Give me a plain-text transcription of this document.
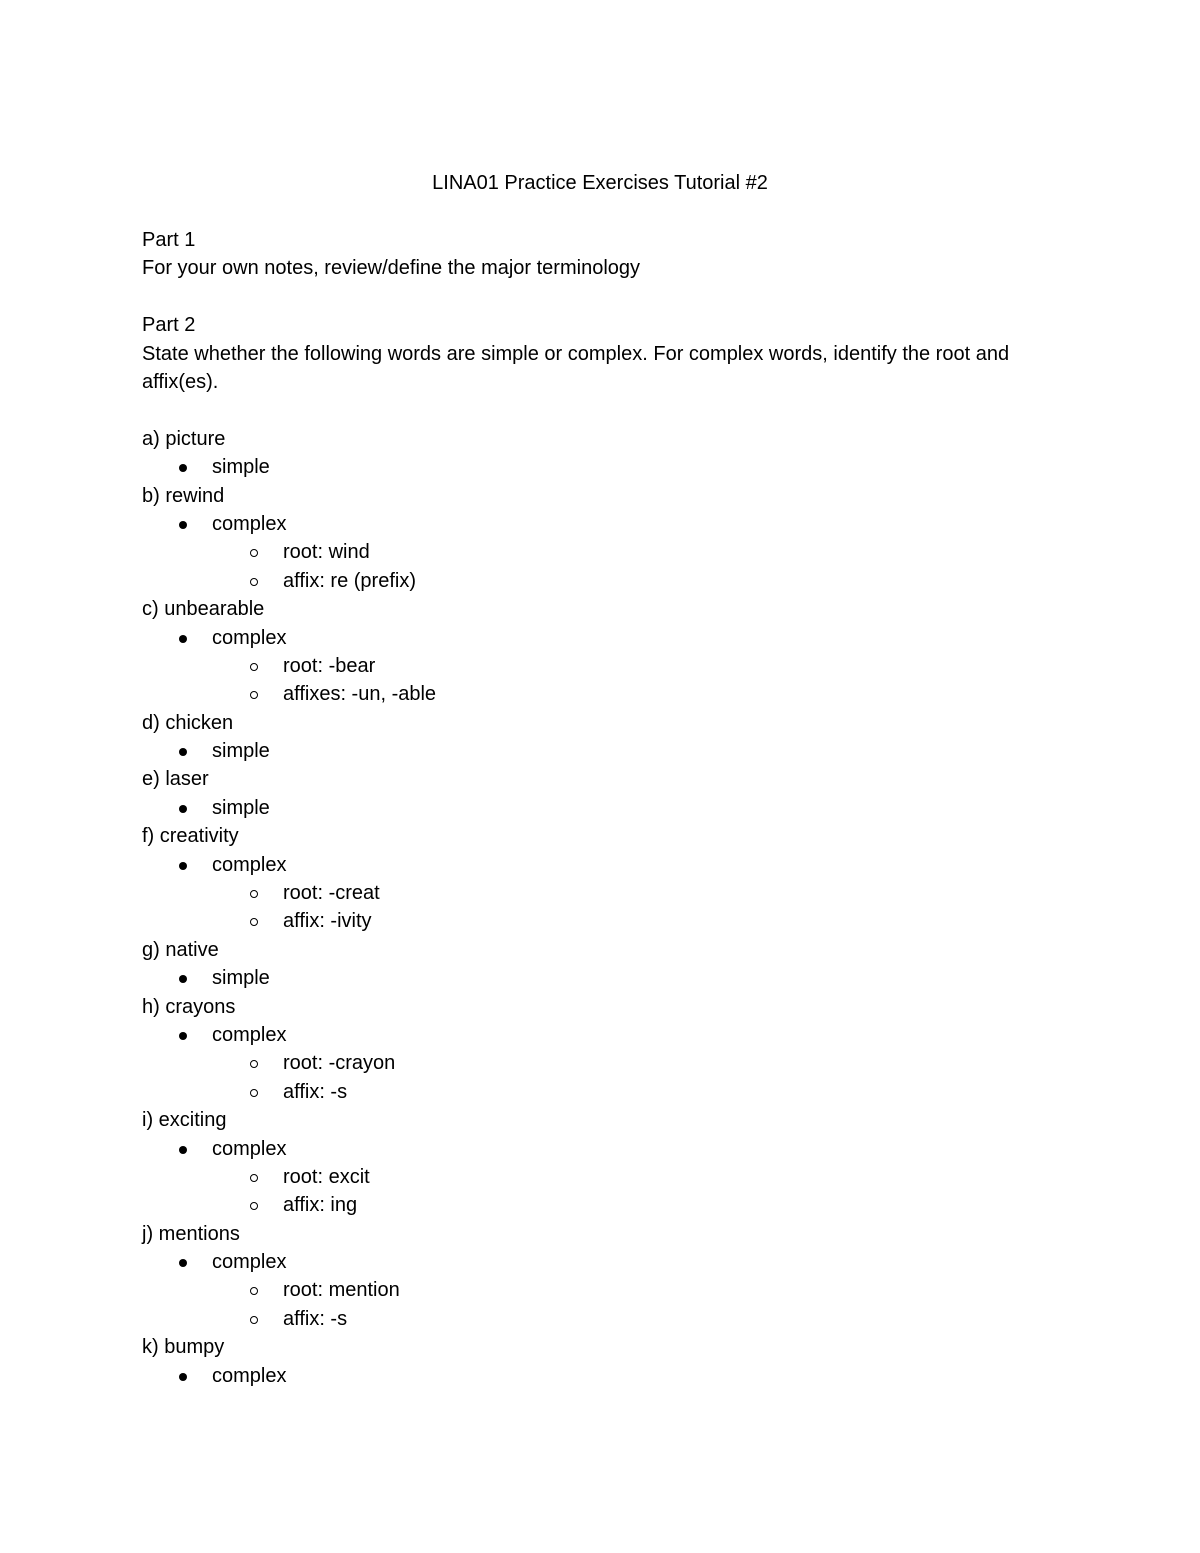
LINA01 Practice Exercises Tutorial #2
Part 1
For your own notes, review/define the major terminology
Part 2
State whether the following words are simple or complex. For complex words, identify the root and affix(es).
a) picture
simple
b) rewind
complex
root: wind
affix: re (prefix)
c) unbearable
complex
root: -bear
affixes: -un, -able
d) chicken
simple
e) laser
simple
f) creativity
complex
root: -creat
affix: -ivity
g) native
simple
h) crayons
complex
root: -crayon
affix: -s
i) exciting
complex
root: excit
affix: ing
j) mentions
complex
root: mention
affix: -s
k) bumpy
complex
